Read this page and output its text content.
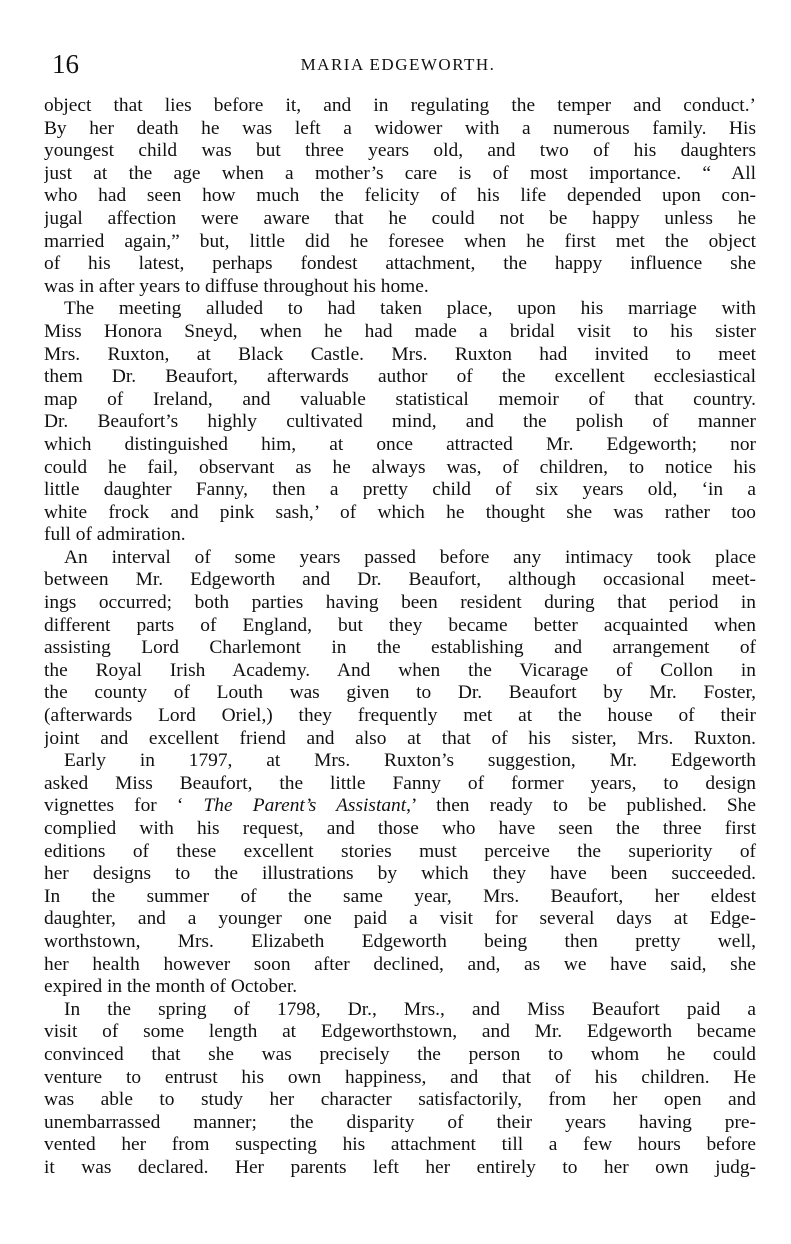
16	MARIA EDGEWORTH.
object that lies before it, and in regulating the temper and conduct.’
By her death he was left a widower with a numerous family. His
youngest child was but three years old, and two of his daughters
just at the age when a mother’s care is of most importance. “ All
who had seen how much the felicity of his life depended upon con-
jugal affection were aware that he could not be happy unless he
married again,” but, little did he foresee when he first met the object
of his latest, perhaps fondest attachment, the happy influence she
was in after years to diffuse throughout his home.
The meeting alluded to had taken place, upon his marriage with
Miss Honora Sneyd, when he had made a bridal visit to his sister
Mrs. Ruxton, at Black Castle. Mrs. Ruxton had invited to meet
them Dr. Beaufort, afterwards author of the excellent ecclesiastical
map of Ireland, and valuable statistical memoir of that country.
Dr. Beaufort’s highly cultivated mind, and the polish of manner
which distinguished him, at once attracted Mr. Edgeworth; nor
could he fail, observant as he always was, of children, to notice his
little daughter Fanny, then a pretty child of six years old, ‘in a
white frock and pink sash,’ of which he thought she was rather too
full of admiration.
An interval of some years passed before any intimacy took place
between Mr. Edgeworth and Dr. Beaufort, although occasional meet-
ings occurred; both parties having been resident during that period in
different parts of England, but they became better acquainted when
assisting Lord Charlemont in the establishing and arrangement of
the Royal Irish Academy. And when the Vicarage of Collon in
the county of Louth was given to Dr. Beaufort by Mr. Foster,
(afterwards Lord Oriel,) they frequently met at the house of their
joint and excellent friend and also at that of his sister, Mrs. Ruxton.
Early in 1797, at Mrs. Ruxton’s suggestion, Mr. Edgeworth
asked Miss Beaufort, the little Fanny of former years, to design
vignettes for ‘ The Parent’s Assistant,’ then ready to be published. She
complied with his request, and those who have seen the three first
editions of these excellent stories must perceive the superiority of
her designs to the illustrations by which they have been succeeded.
In the summer of the same year, Mrs. Beaufort, her eldest
daughter, and a younger one paid a visit for several days at Edge-
worthstown, Mrs. Elizabeth Edgeworth being then pretty well,
her health however soon after declined, and, as we have said, she
expired in the month of October.
In the spring of 1798, Dr., Mrs., and Miss Beaufort paid a
visit of some length at Edgeworthstown, and Mr. Edgeworth became
convinced that she was precisely the person to whom he could
venture to entrust his own happiness, and that of his children. He
was able to study her character satisfactorily, from her open and
unembarrassed manner; the disparity of their years having pre-
vented her from suspecting his attachment till a few hours before
it was declared. Her parents left her entirely to her own judg-
